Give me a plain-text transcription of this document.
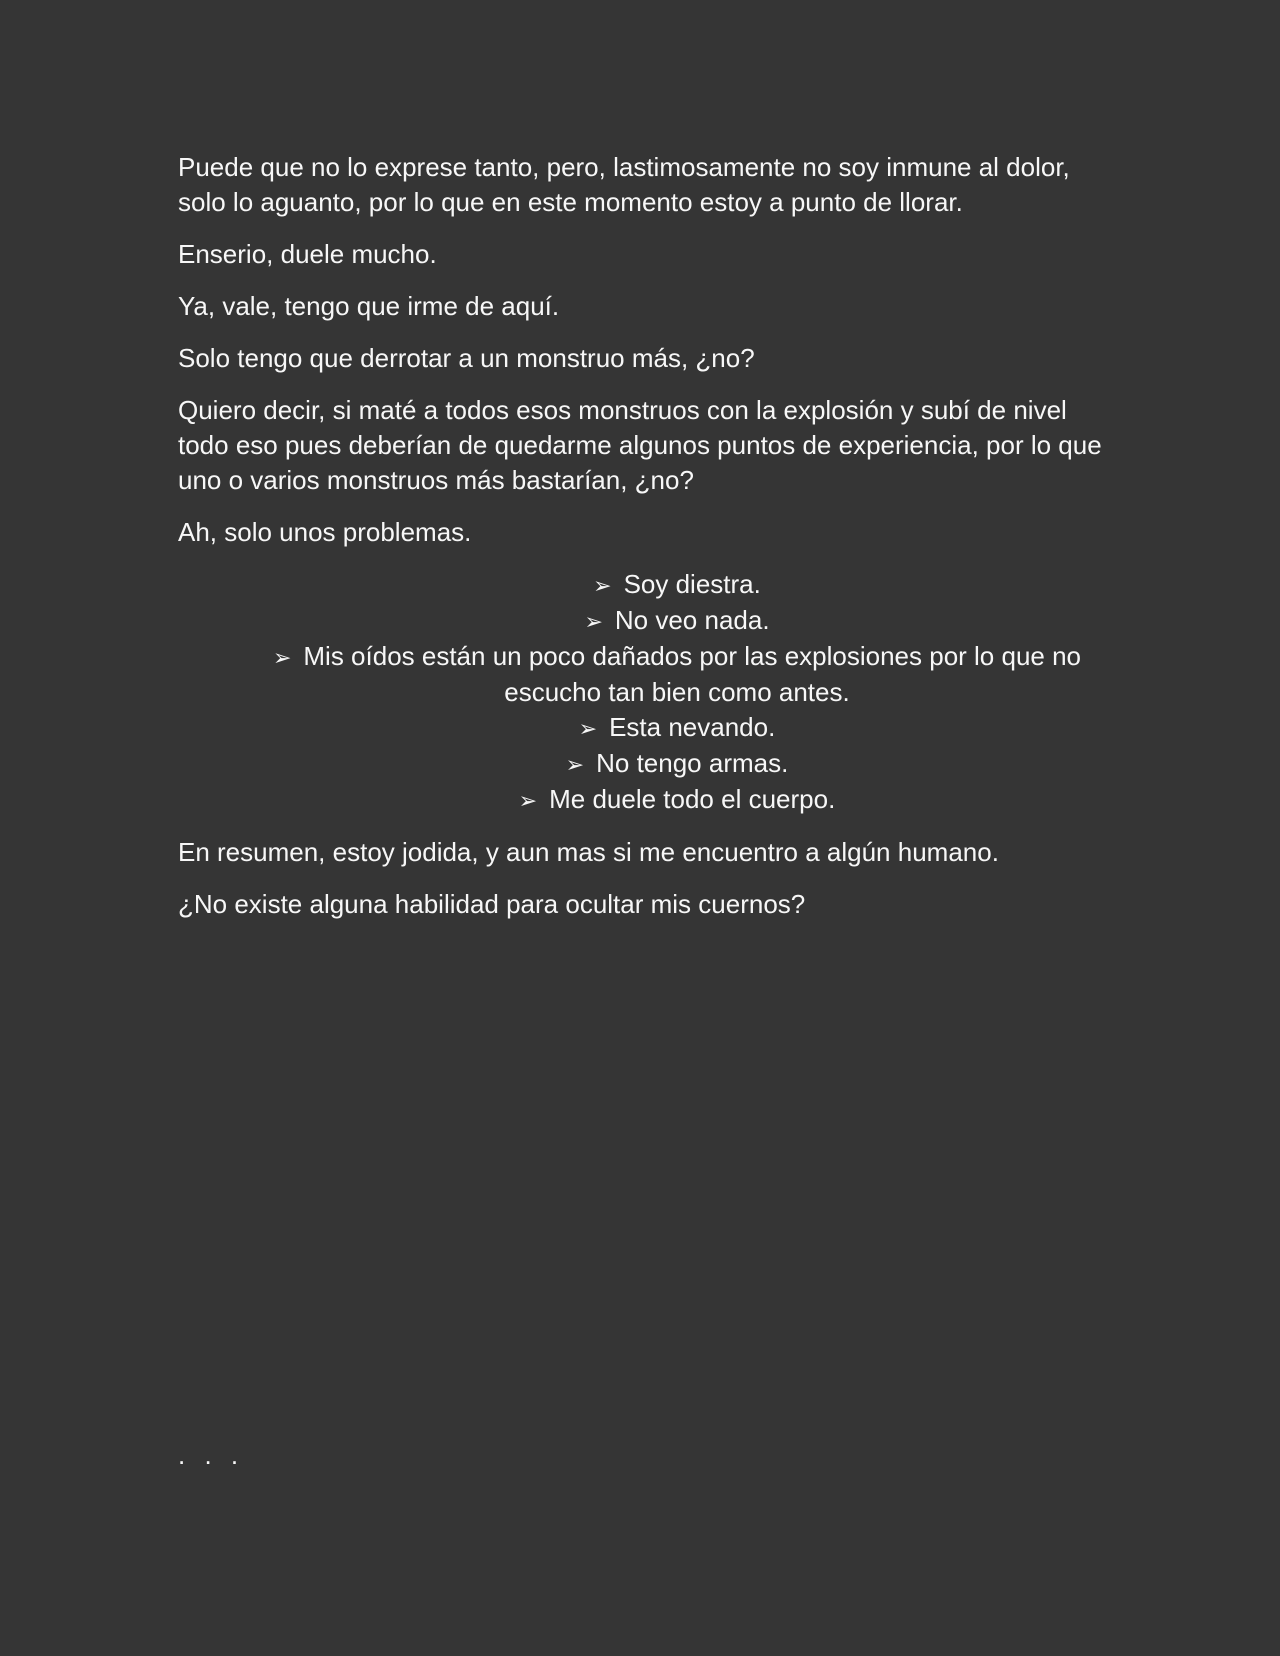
Puede que no lo exprese tanto, pero, lastimosamente no soy inmune al dolor, solo lo aguanto, por lo que en este momento estoy a punto de llorar.

Enserio, duele mucho.

Ya, vale, tengo que irme de aquí.

Solo tengo que derrotar a un monstruo más, ¿no?

Quiero decir, si maté a todos esos monstruos con la explosión y subí de nivel todo eso pues deberían de quedarme algunos puntos de experiencia, por lo que uno o varios monstruos más bastarían, ¿no?

Ah, solo unos problemas.

➢ Soy diestra.
➢ No veo nada.
➢ Mis oídos están un poco dañados por las explosiones por lo que no escucho tan bien como antes.
➢ Esta nevando.
➢ No tengo armas.
➢ Me duele todo el cuerpo.

En resumen, estoy jodida, y aun mas si me encuentro a algún humano.

¿No existe alguna habilidad para ocultar mis cuernos?

. . .
